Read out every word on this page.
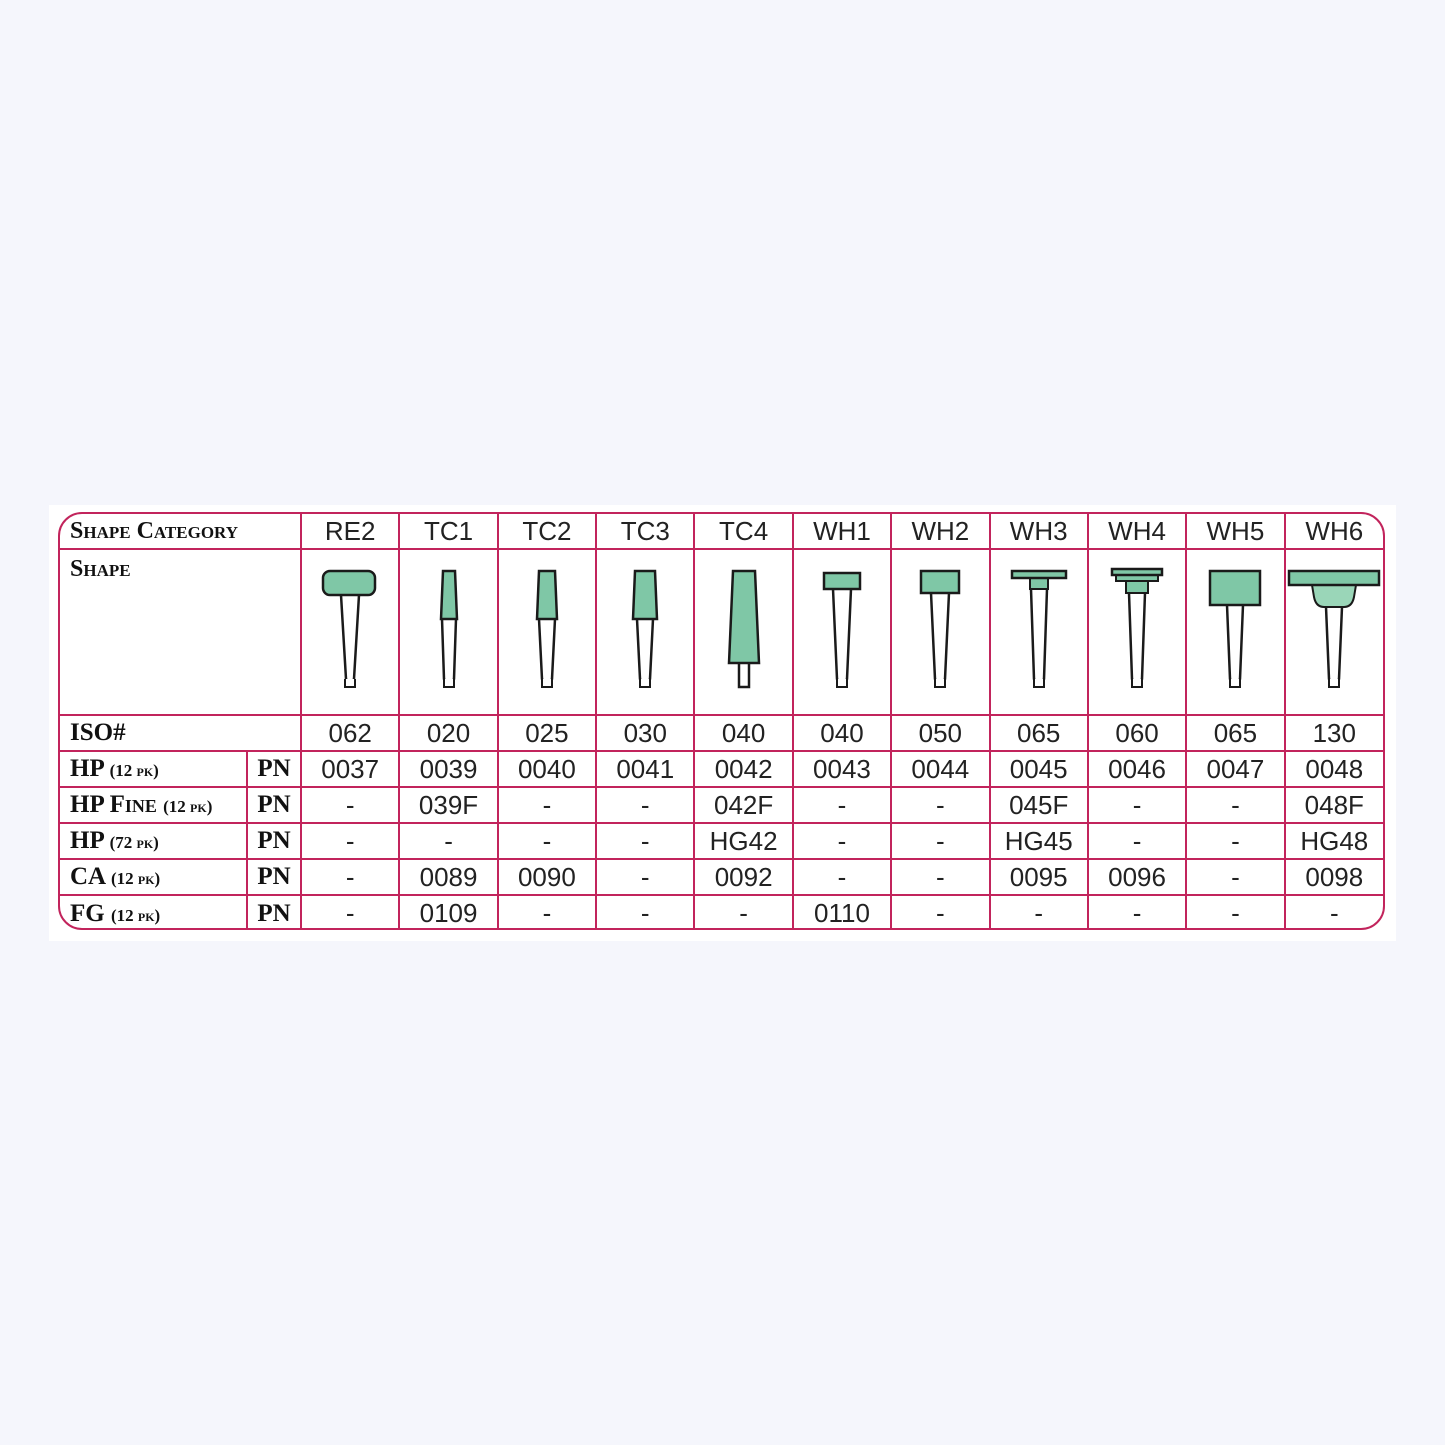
Shape Category		RE2	TC1	TC2	TC3	TC4	WH1	WH2	WH3	WH4	WH5	WH6
Shape	

ISO#		062	020	025	030	040	040	050	065	060	065	130
HP (12 pk)	PN	0037	0039	0040	0041	0042	0043	0044	0045	0046	0047	0048
HP Fine (12 pk)	PN	-	039F	-	-	042F	-	-	045F	-	-	048F
HP (72 pk)	PN	-	-	-	-	HG42	-	-	HG45	-	-	HG48
CA (12 pk)	PN	-	0089	0090	-	0092	-	-	0095	0096	-	0098
FG (12 pk)	PN	-	0109	-	-	-	0110	-	-	-	-	-
